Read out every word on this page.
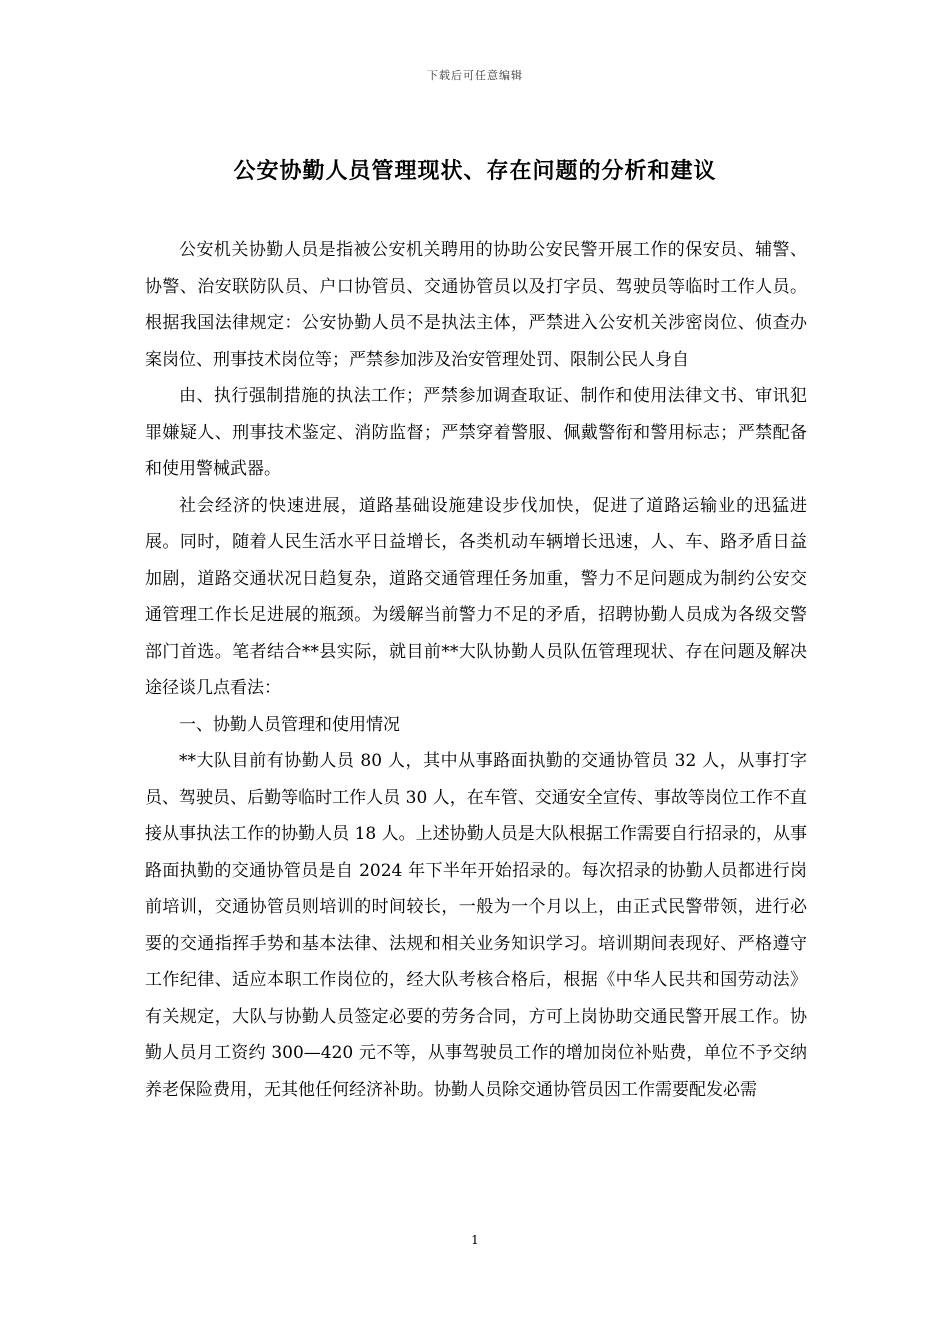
下载后可任意编辑
公安协勤人员管理现状、存在问题的分析和建议

公安机关协勤人员是指被公安机关聘用的协助公安民警开展工作的保安员、辅警、协警、治安联防队员、户口协管员、交通协管员以及打字员、驾驶员等临时工作人员。根据我国法律规定：公安协勤人员不是执法主体，严禁进入公安机关涉密岗位、侦查办案岗位、刑事技术岗位等；严禁参加涉及治安管理处罚、限制公民人身自

由、执行强制措施的执法工作；严禁参加调查取证、制作和使用法律文书、审讯犯罪嫌疑人、刑事技术鉴定、消防监督；严禁穿着警服、佩戴警衔和警用标志；严禁配备和使用警械武器。

社会经济的快速进展，道路基础设施建设步伐加快，促进了道路运输业的迅猛进展。同时，随着人民生活水平日益增长，各类机动车辆增长迅速，人、车、路矛盾日益加剧，道路交通状况日趋复杂，道路交通管理任务加重，警力不足问题成为制约公安交通管理工作长足进展的瓶颈。为缓解当前警力不足的矛盾，招聘协勤人员成为各级交警部门首选。笔者结合**县实际，就目前**大队协勤人员队伍管理现状、存在问题及解决途径谈几点看法：

一、协勤人员管理和使用情况

**大队目前有协勤人员 80 人，其中从事路面执勤的交通协管员 32 人，从事打字员、驾驶员、后勤等临时工作人员 30 人，在车管、交通安全宣传、事故等岗位工作不直接从事执法工作的协勤人员 18 人。上述协勤人员是大队根据工作需要自行招录的，从事路面执勤的交通协管员是自 2024 年下半年开始招录的。每次招录的协勤人员都进行岗前培训，交通协管员则培训的时间较长，一般为一个月以上，由正式民警带领，进行必要的交通指挥手势和基本法律、法规和相关业务知识学习。培训期间表现好、严格遵守工作纪律、适应本职工作岗位的，经大队考核合格后，根据《中华人民共和国劳动法》有关规定，大队与协勤人员签定必要的劳务合同，方可上岗协助交通民警开展工作。协勤人员月工资约 300—420 元不等，从事驾驶员工作的增加岗位补贴费，单位不予交纳养老保险费用，无其他任何经济补助。协勤人员除交通协管员因工作需要配发必需

1
